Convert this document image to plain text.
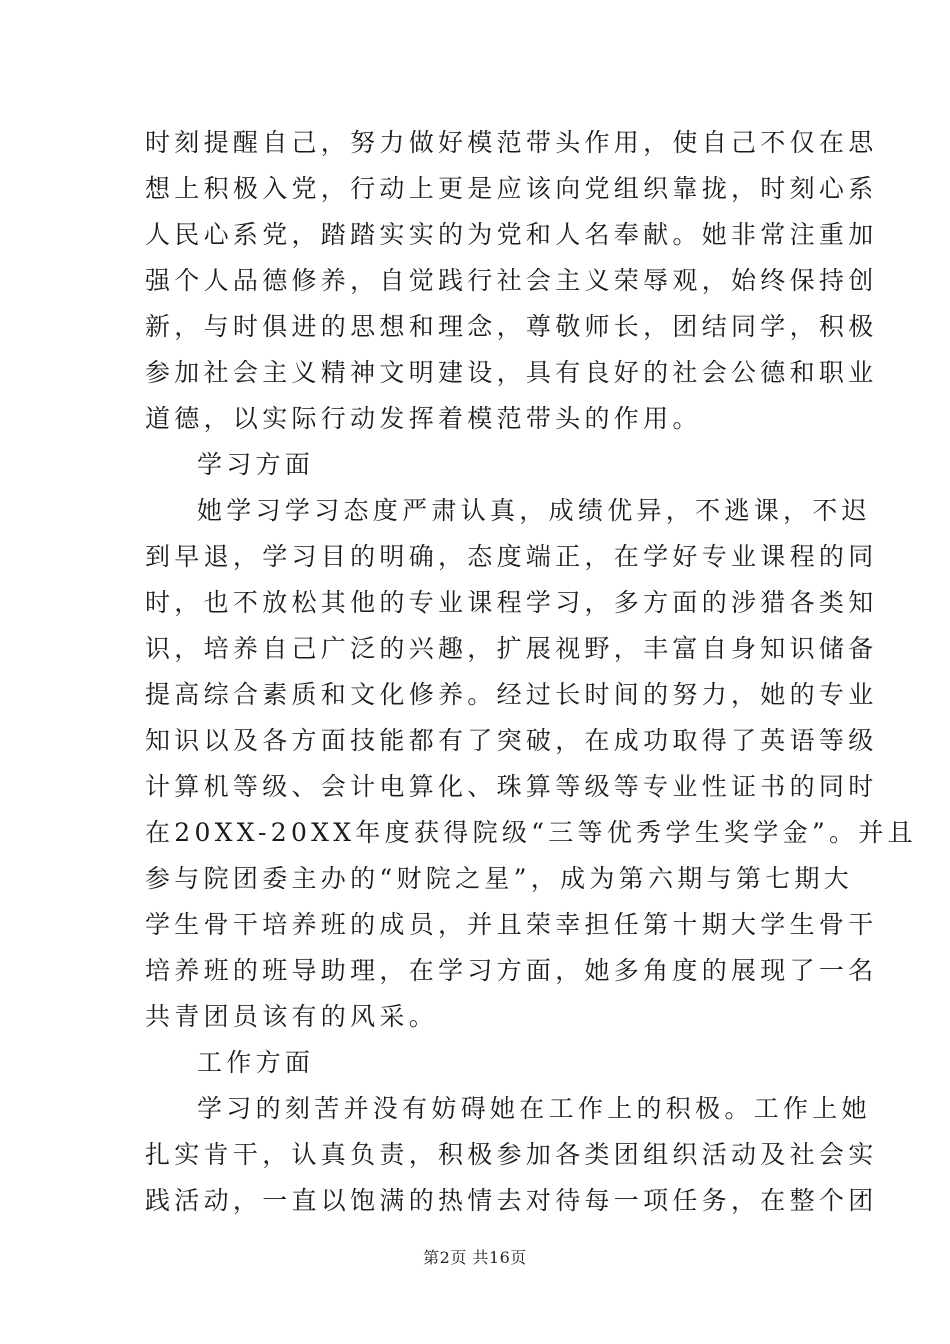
时刻提醒自己，努力做好模范带头作用，使自己不仅在思
想上积极入党，行动上更是应该向党组织靠拢，时刻心系
人民心系党，踏踏实实的为党和人名奉献。她非常注重加
强个人品德修养，自觉践行社会主义荣辱观，始终保持创
新，与时俱进的思想和理念，尊敬师长，团结同学，积极
参加社会主义精神文明建设，具有良好的社会公德和职业
道德，以实际行动发挥着模范带头的作用。
学习方面
她学习学习态度严肃认真，成绩优异，不逃课，不迟
到早退，学习目的明确，态度端正，在学好专业课程的同
时，也不放松其他的专业课程学习，多方面的涉猎各类知
识，培养自己广泛的兴趣，扩展视野，丰富自身知识储备
提高综合素质和文化修养。经过长时间的努力，她的专业
知识以及各方面技能都有了突破，在成功取得了英语等级
计算机等级、会计电算化、珠算等级等专业性证书的同时
在20XX-20XX年度获得院级“三等优秀学生奖学金”。并且
参与院团委主办的“财院之星”，成为第六期与第七期大
学生骨干培养班的成员，并且荣幸担任第十期大学生骨干
培养班的班导助理，在学习方面，她多角度的展现了一名
共青团员该有的风采。
工作方面
学习的刻苦并没有妨碍她在工作上的积极。工作上她
扎实肯干，认真负责，积极参加各类团组织活动及社会实
践活动，一直以饱满的热情去对待每一项任务，在整个团
第2页 共16页
